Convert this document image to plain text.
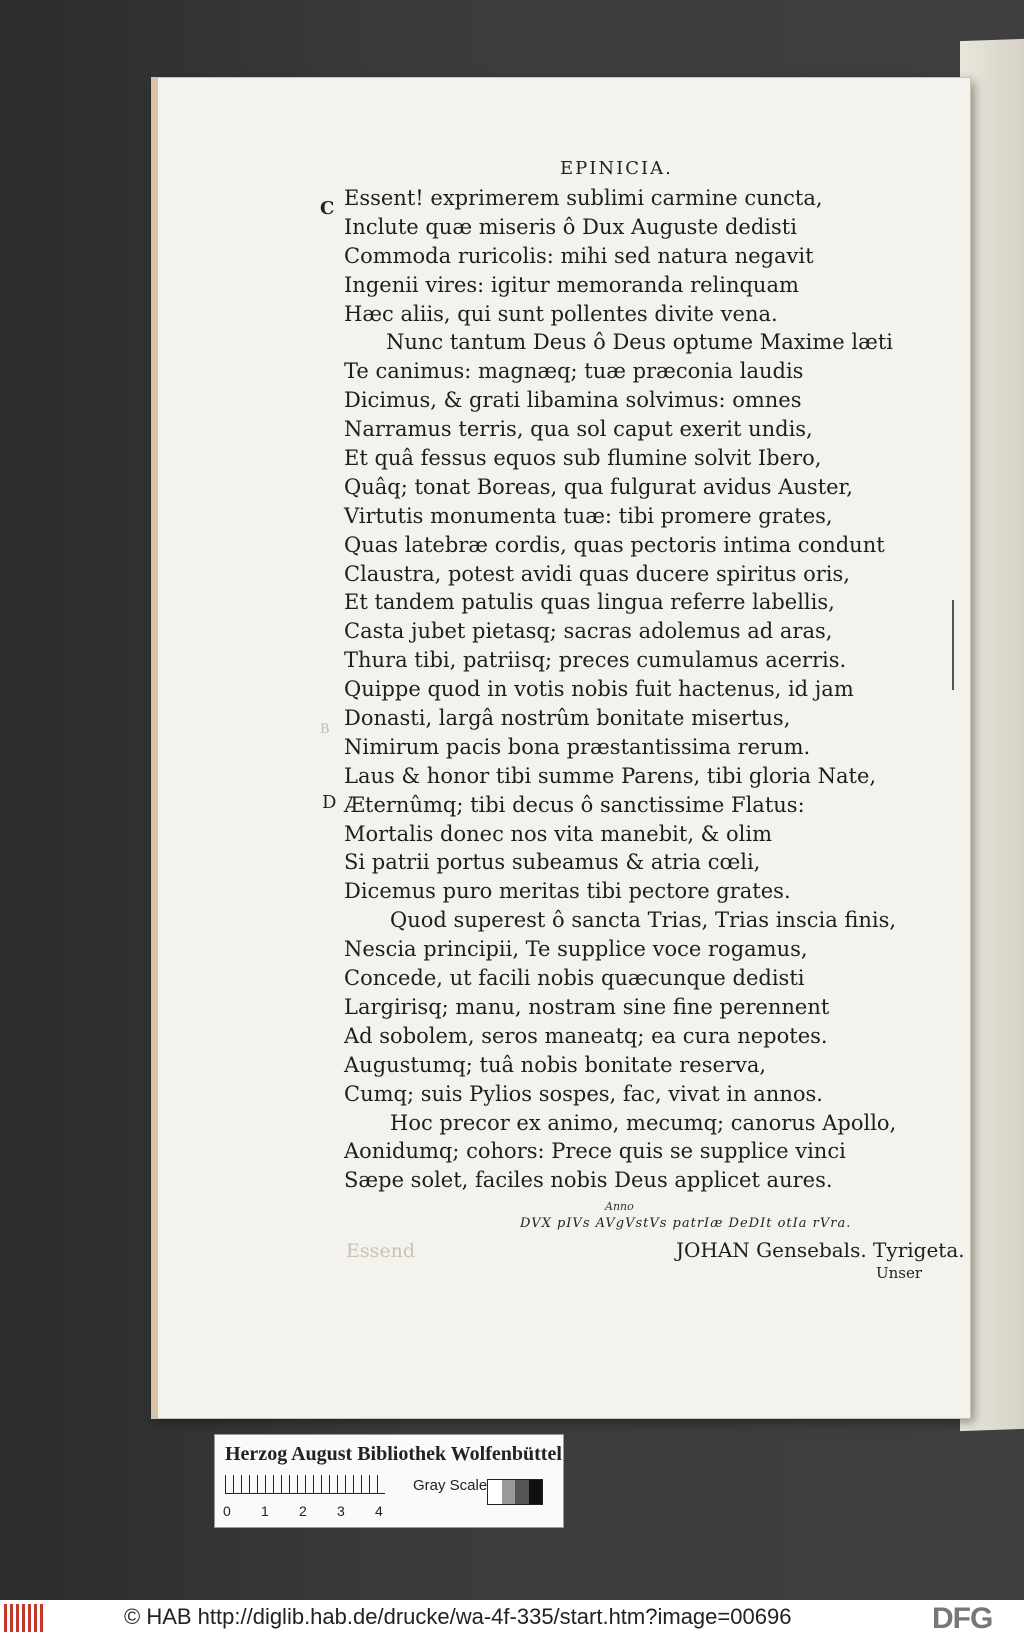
EPINICIA.
C
B
D
Essent! exprimerem sublimi carmine cuncta,
Inclute quæ miseris ô Dux Auguste dedisti
Commoda ruricolis: mihi sed natura negavit
Ingenii vires: igitur memoranda relinquam
Hæc aliis, qui sunt pollentes divite vena.
Nunc tantum Deus ô Deus optume Maxime læti
Te canimus: magnæq; tuæ præconia laudis
Dicimus, & grati libamina solvimus: omnes
Narramus terris, qua sol caput exerit undis,
Et quâ fessus equos sub flumine solvit Ibero,
Quâq; tonat Boreas, qua fulgurat avidus Auster,
Virtutis monumenta tuæ: tibi promere grates,
Quas latebræ cordis, quas pectoris intima condunt
Claustra, potest avidi quas ducere spiritus oris,
Et tandem patulis quas lingua referre labellis,
Casta jubet pietasq; sacras adolemus ad aras,
Thura tibi, patriisq; preces cumulamus acerris.
Quippe quod in votis nobis fuit hactenus, id jam
Donasti, largâ nostrûm bonitate misertus,
Nimirum pacis bona præstantissima rerum.
Laus & honor tibi summe Parens, tibi gloria Nate,
Æternûmq; tibi decus ô sanctissime Flatus:
Mortalis donec nos vita manebit, & olim
Si patrii portus subeamus & atria cœli,
Dicemus puro meritas tibi pectore grates.
Quod superest ô sancta Trias, Trias inscia finis,
Nescia principii, Te supplice voce rogamus,
Concede, ut facili nobis quæcunque dedisti
Largirisq; manu, nostram sine fine perennent
Ad sobolem, seros maneatq; ea cura nepotes.
Augustumq; tuâ nobis bonitate reserva,
Cumq; suis Pylios sospes, fac, vivat in annos.
Hoc precor ex animo, mecumq; canorus Apollo,
Aonidumq; cohors: Prece quis se supplice vinci
Sæpe solet, faciles nobis Deus applicet aures.
Anno
DVX pIVs AVgVstVs patrIæ DeDIt otIa rVra.
Essend	JOHAN Gensebals. Tyrigeta.
Unser
Herzog August Bibliothek Wolfenbüttel
Gray Scale
0 1 2 3 4
© HAB http://diglib.hab.de/drucke/wa-4f-335/start.htm?image=00696	DFG
